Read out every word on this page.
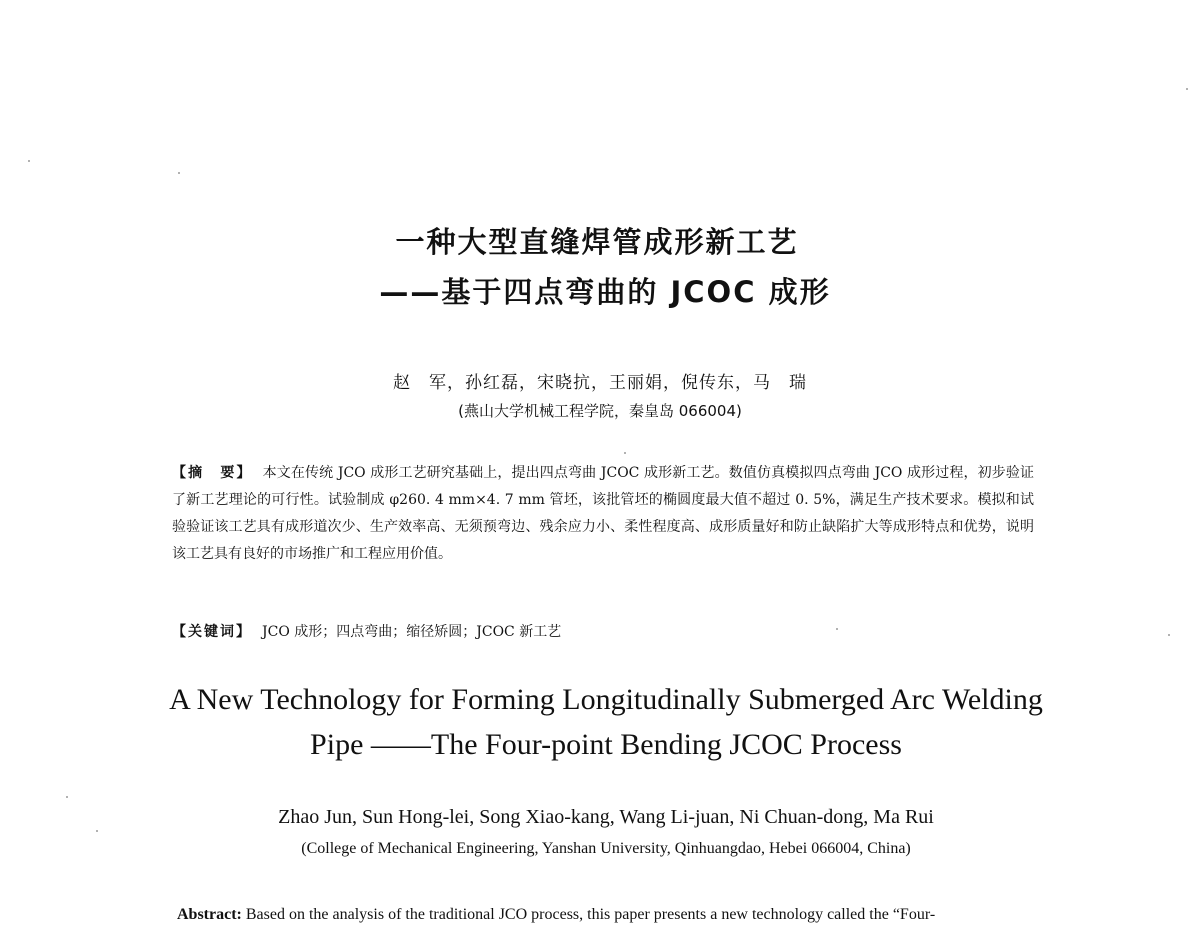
一种大型直缝焊管成形新工艺
——基于四点弯曲的 JCOC 成形
赵　军，孙红磊，宋晓抗，王丽娟，倪传东，马　瑞
(燕山大学机械工程学院，秦皇岛 066004)
【摘　要】 本文在传统 JCO 成形工艺研究基础上，提出四点弯曲 JCOC 成形新工艺。数值仿真模拟四点弯曲 JCO 成形过程，初步验证了新工艺理论的可行性。试验制成 φ260. 4 mm×4. 7 mm 管坯，该批管坯的椭圆度最大值不超过 0. 5%，满足生产技术要求。模拟和试验验证该工艺具有成形道次少、生产效率高、无须预弯边、残余应力小、柔性程度高、成形质量好和防止缺陷扩大等成形特点和优势，说明该工艺具有良好的市场推广和工程应用价值。
【关键词】 JCO 成形；四点弯曲；缩径矫圆；JCOC 新工艺
A New Technology for Forming Longitudinally Submerged Arc Welding
Pipe ——The Four-point Bending JCOC Process
Zhao Jun, Sun Hong-lei, Song Xiao-kang, Wang Li-juan, Ni Chuan-dong, Ma Rui
(College of Mechanical Engineering, Yanshan University, Qinhuangdao, Hebei 066004, China)
Abstract: Based on the analysis of the traditional JCO process, this paper presents a new technology called the “Four-
